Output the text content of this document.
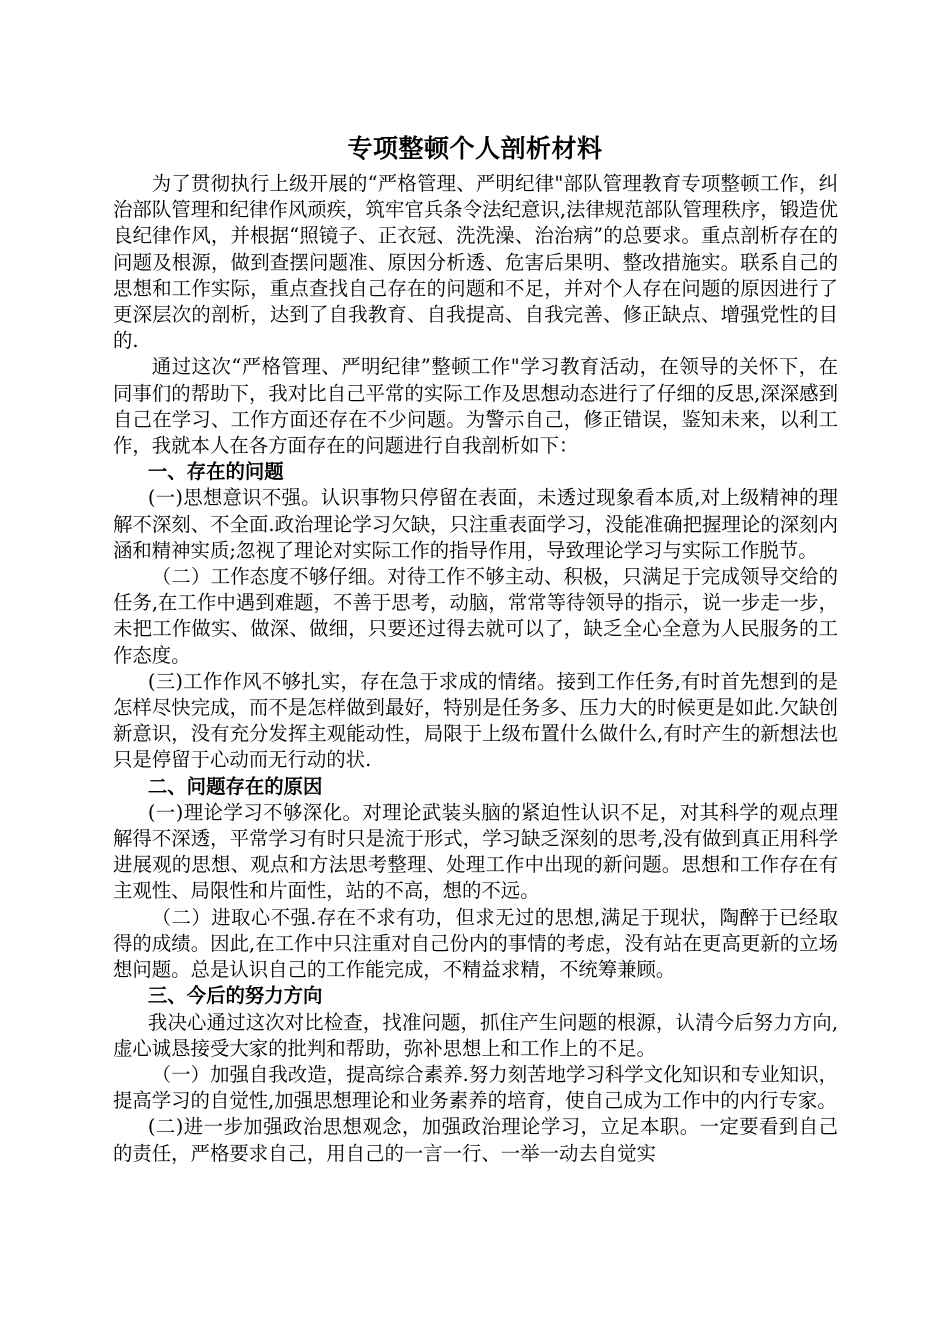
专项整顿个人剖析材料

为了贯彻执行上级开展的“严格管理、严明纪律"部队管理教育专项整顿工作，纠治部队管理和纪律作风顽疾，筑牢官兵条令法纪意识,法律规范部队管理秩序，锻造优良纪律作风，并根据“照镜子、正衣冠、洗洗澡、治治病”的总要求。重点剖析存在的问题及根源，做到查摆问题准、原因分析透、危害后果明、整改措施实。联系自己的思想和工作实际，重点查找自己存在的问题和不足，并对个人存在问题的原因进行了更深层次的剖析，达到了自我教育、自我提高、自我完善、修正缺点、增强党性的目的.

通过这次“严格管理、严明纪律”整顿工作"学习教育活动，在领导的关怀下，在同事们的帮助下，我对比自己平常的实际工作及思想动态进行了仔细的反思,深深感到自己在学习、工作方面还存在不少问题。为警示自己，修正错误，鉴知未来，以利工作，我就本人在各方面存在的问题进行自我剖析如下：

一、存在的问题

(一)思想意识不强。认识事物只停留在表面，未透过现象看本质,对上级精神的理解不深刻、不全面.政治理论学习欠缺，只注重表面学习，没能准确把握理论的深刻内涵和精神实质;忽视了理论对实际工作的指导作用，导致理论学习与实际工作脱节。

（二）工作态度不够仔细。对待工作不够主动、积极，只满足于完成领导交给的任务,在工作中遇到难题，不善于思考，动脑，常常等待领导的指示，说一步走一步，未把工作做实、做深、做细，只要还过得去就可以了，缺乏全心全意为人民服务的工作态度。

(三)工作作风不够扎实，存在急于求成的情绪。接到工作任务,有时首先想到的是怎样尽快完成，而不是怎样做到最好，特别是任务多、压力大的时候更是如此.欠缺创新意识，没有充分发挥主观能动性，局限于上级布置什么做什么,有时产生的新想法也只是停留于心动而无行动的状.

二、问题存在的原因

(一)理论学习不够深化。对理论武装头脑的紧迫性认识不足，对其科学的观点理解得不深透，平常学习有时只是流于形式，学习缺乏深刻的思考,没有做到真正用科学进展观的思想、观点和方法思考整理、处理工作中出现的新问题。思想和工作存在有主观性、局限性和片面性，站的不高，想的不远。

（二）进取心不强.存在不求有功，但求无过的思想,满足于现状，陶醉于已经取得的成绩。因此,在工作中只注重对自己份内的事情的考虑，没有站在更高更新的立场想问题。总是认识自己的工作能完成，不精益求精，不统筹兼顾。

三、今后的努力方向

我决心通过这次对比检查，找准问题，抓住产生问题的根源，认清今后努力方向,虚心诚恳接受大家的批判和帮助，弥补思想上和工作上的不足。

（一）加强自我改造，提高综合素养.努力刻苦地学习科学文化知识和专业知识，提高学习的自觉性,加强思想理论和业务素养的培育，使自己成为工作中的内行专家。

(二)进一步加强政治思想观念，加强政治理论学习，立足本职。一定要看到自己的责任，严格要求自己，用自己的一言一行、一举一动去自觉实
